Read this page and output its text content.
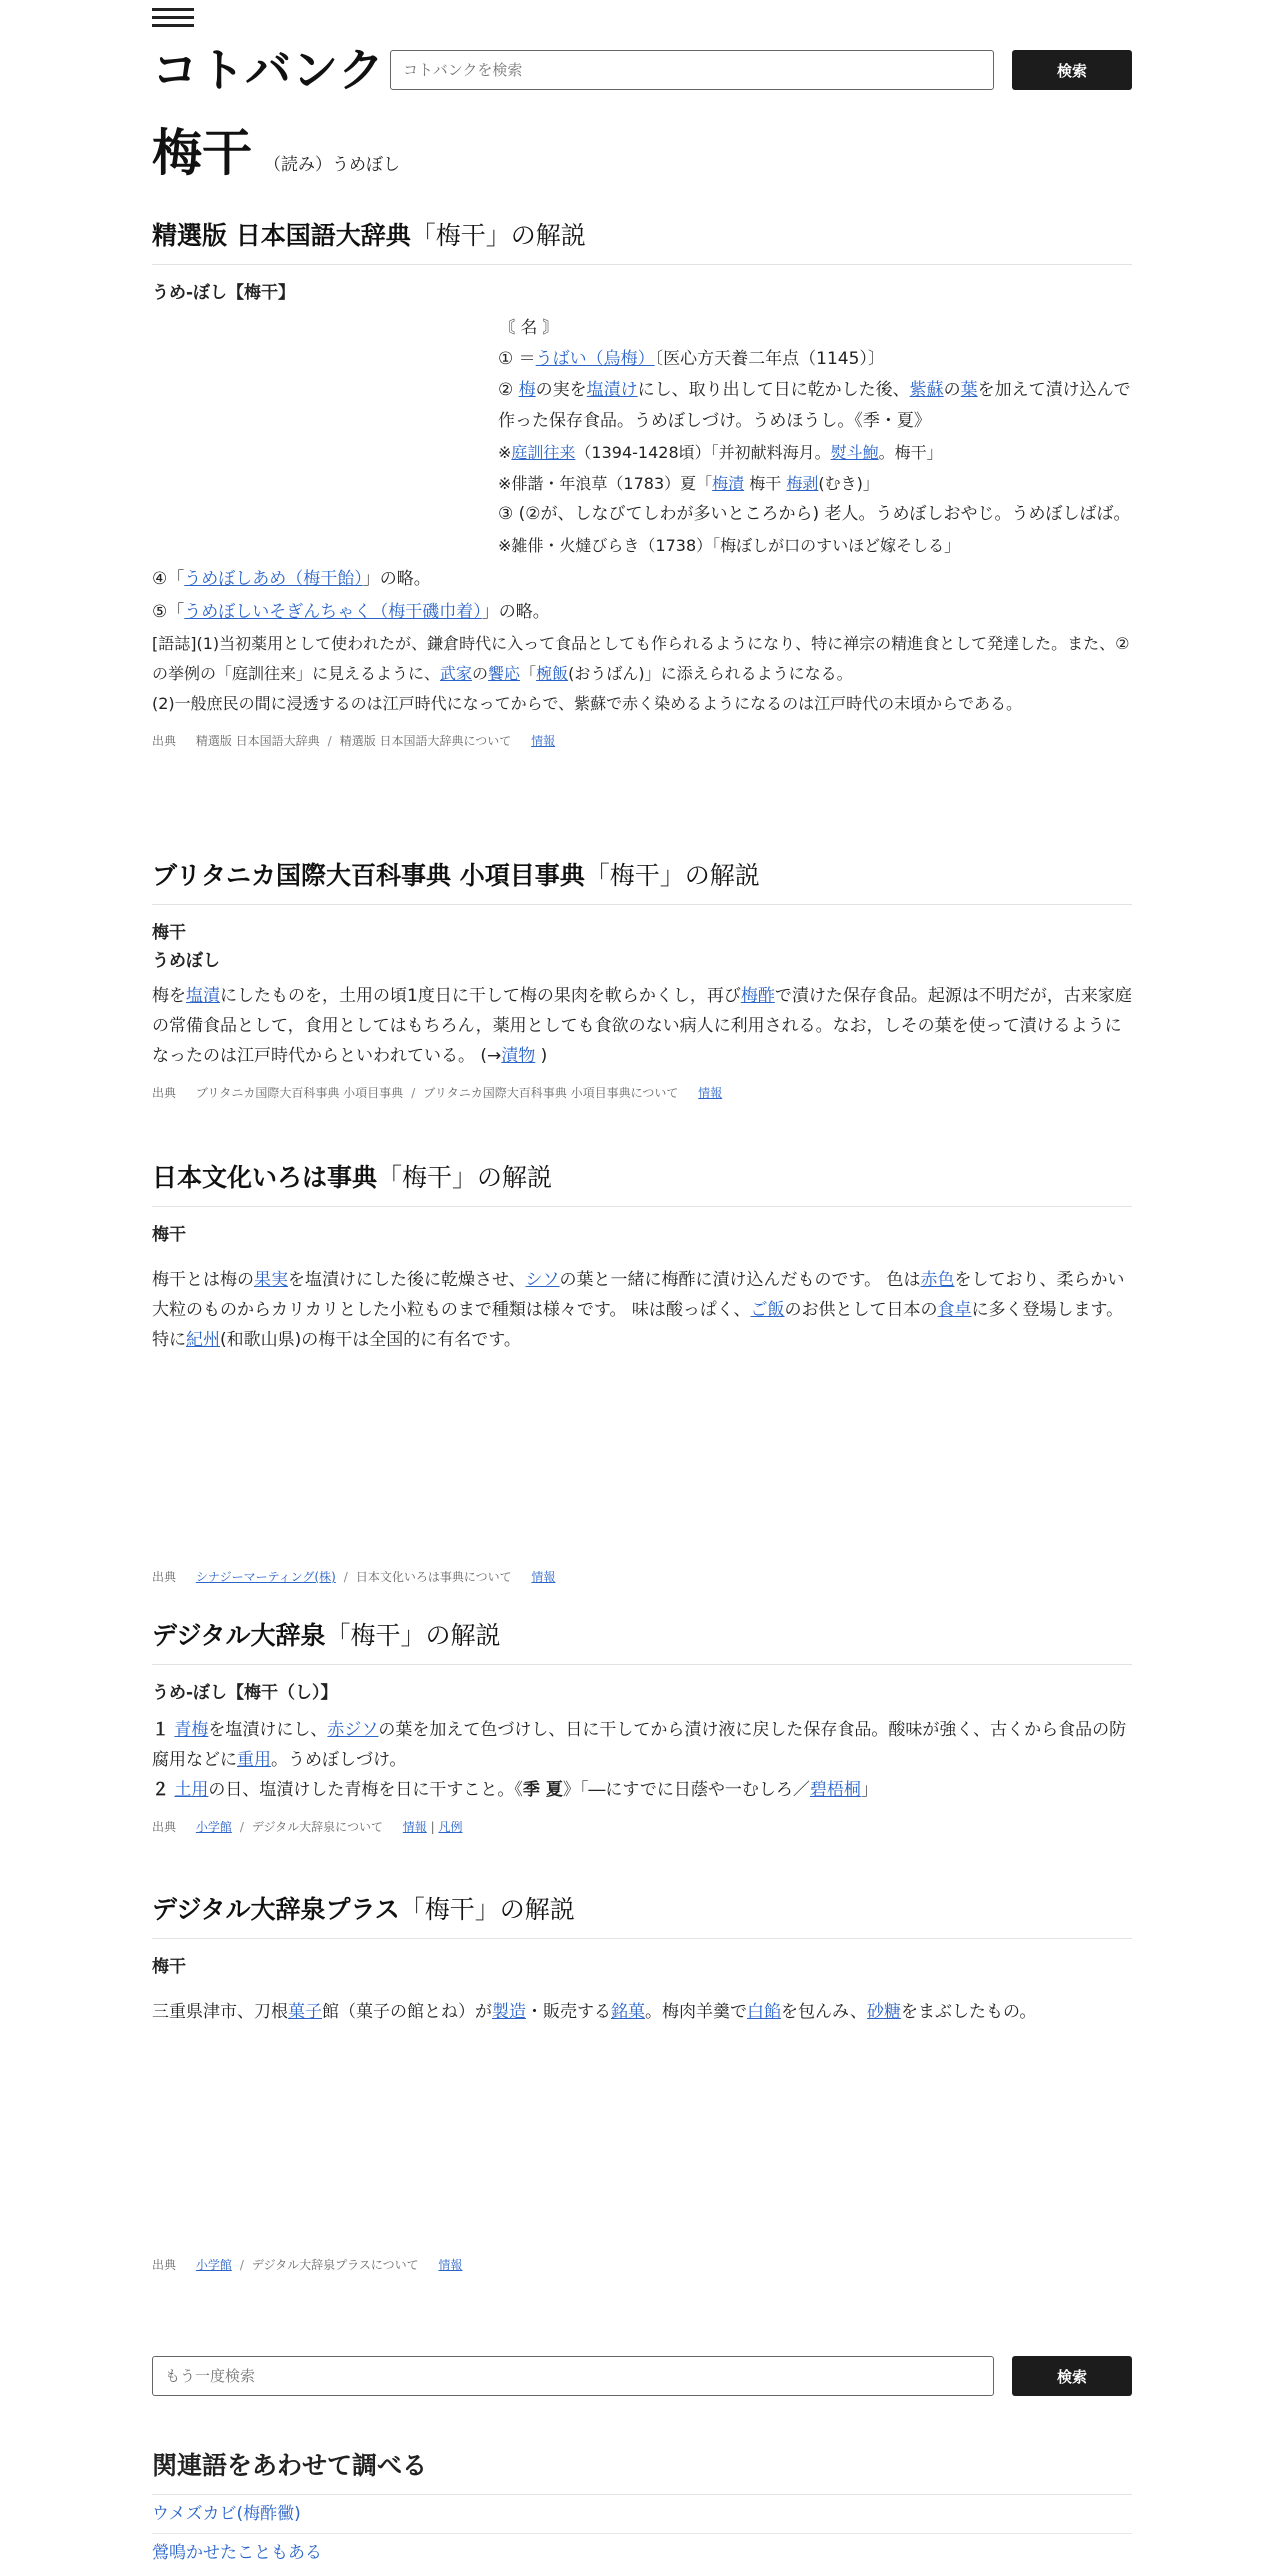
コトバンク
コトバンクを検索	検索
梅干 （読み）うめぼし
精選版 日本国語大辞典「梅干」の解説
うめ‐ぼし【梅干】

〘 名 〙

① ＝うばい（烏梅）〔医心方天養二年点（1145）〕

② 梅の実を塩漬けにし、取り出して日に乾かした後、紫蘇の葉を加えて漬け込んで作った保存食品。うめぼしづけ。うめほうし。《季・夏》

※庭訓往来（1394‐1428頃）「并初献料海月。熨斗鮑。梅干」

※俳諧・年浪草（1783）夏「梅漬 梅干 梅剥(むき)」

③ (②が、しなびてしわが多いところから) 老人。うめぼしおやじ。うめぼしばば。

※雑俳・火燵びらき（1738）「梅ぼしが口のすいほど嫁そしる」

④「うめぼしあめ（梅干飴）」の略。

⑤「うめぼしいそぎんちゃく（梅干磯巾着）」の略。

[語誌](1)当初薬用として使われたが、鎌倉時代に入って食品としても作られるようになり、特に禅宗の精進食として発達した。また、②の挙例の「庭訓往来」に見えるように、武家の饗応「椀飯(おうばん)」に添えられるようになる。

(2)一般庶民の間に浸透するのは江戸時代になってからで、紫蘇で赤く染めるようになるのは江戸時代の末頃からである。

出典 精選版 日本国語大辞典 / 精選版 日本国語大辞典について 情報
ブリタニカ国際大百科事典 小項目事典「梅干」の解説
梅干
うめぼし

梅を塩漬にしたものを，土用の頃1度日に干して梅の果肉を軟らかくし，再び梅酢で漬けた保存食品。起源は不明だが，古来家庭の常備食品として，食用としてはもちろん，薬用としても食欲のない病人に利用される。なお，しその葉を使って漬けるようになったのは江戸時代からといわれている。 (→漬物 )

出典 ブリタニカ国際大百科事典 小項目事典 / ブリタニカ国際大百科事典 小項目事典について 情報
日本文化いろは事典「梅干」の解説
梅干

梅干とは梅の果実を塩漬けにした後に乾燥させ、シソの葉と一緒に梅酢に漬け込んだものです。 色は赤色をしており、柔らかい大粒のものからカリカリとした小粒ものまで種類は様々です。 味は酸っぱく、ご飯のお供として日本の食卓に多く登場します。特に紀州(和歌山県)の梅干は全国的に有名です。

出典 シナジーマーティング(株) / 日本文化いろは事典について 情報
デジタル大辞泉「梅干」の解説
うめ‐ぼし【梅干（し）】

１ 青梅を塩漬けにし、赤ジソの葉を加えて色づけし、日に干してから漬け液に戻した保存食品。酸味が強く、古くから食品の防腐用などに重用。うめぼしづけ。

２ 土用の日、塩漬けした青梅を日に干すこと。《季 夏》「―にすでに日蔭や一むしろ／碧梧桐」

出典 小学館 / デジタル大辞泉について 情報 | 凡例
デジタル大辞泉プラス「梅干」の解説
梅干

三重県津市、刀根菓子館（菓子の館とね）が製造・販売する銘菓。梅肉羊羹で白餡を包んみ、砂糖をまぶしたもの。

出典 小学館 / デジタル大辞泉プラスについて 情報
もう一度検索
検索
関連語をあわせて調べる
ウメズカビ(梅酢黴)
鶯鳴かせたこともある
